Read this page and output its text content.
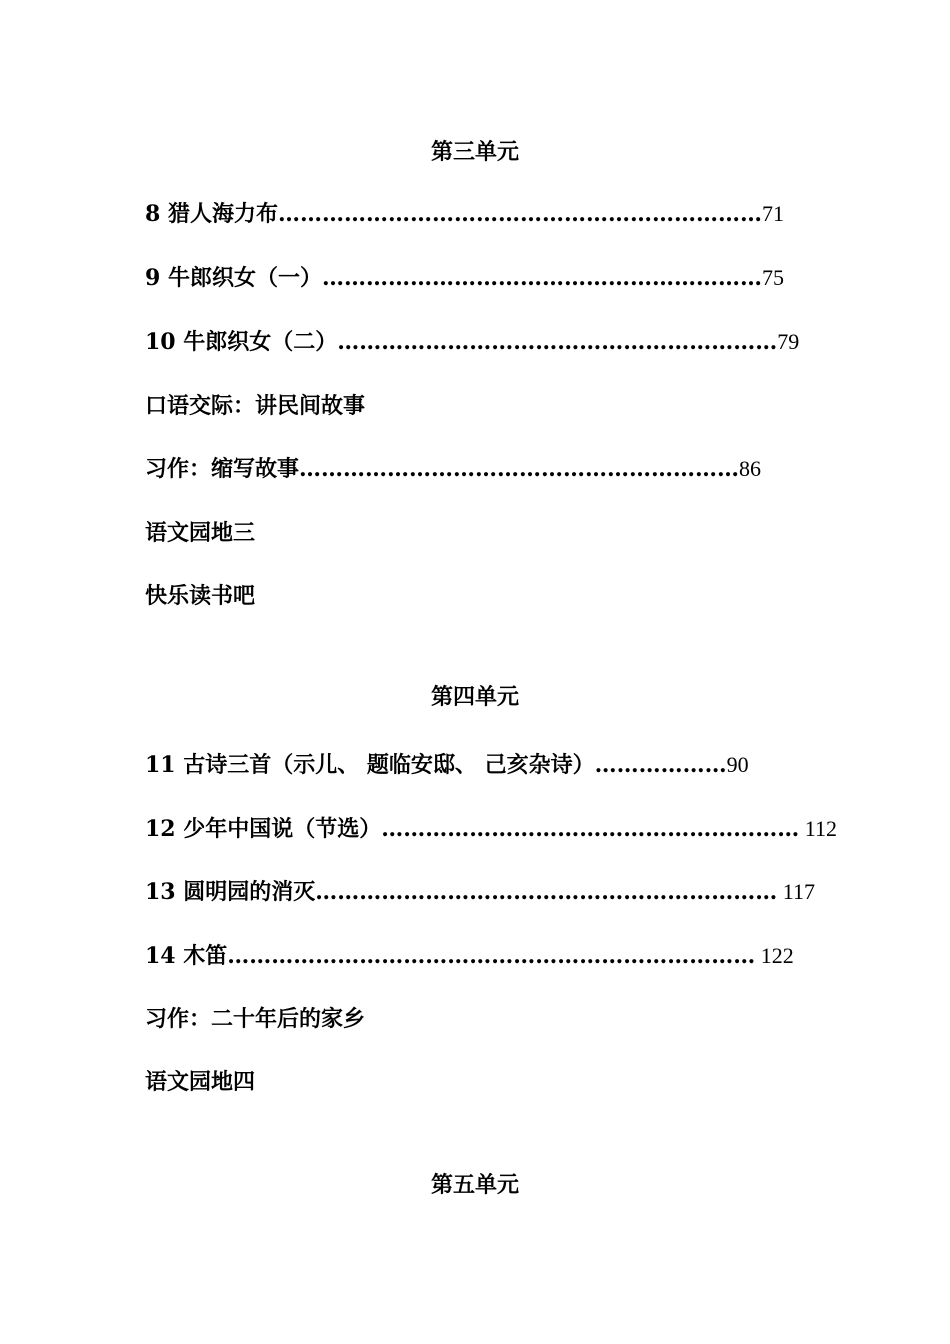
第三单元
8 猎人海力布…………………………………………………………71
9 牛郎织女（一）……………………………………………………75
10 牛郎织女（二）……………………………………………………79
口语交际：讲民间故事
习作：缩写故事……………………………………………………86
语文园地三
快乐读书吧
第四单元
11 古诗三首（示儿、 题临安邸、 己亥杂诗）………………90
12 少年中国说（节选）………………………………………………… 112
13 圆明园的消灭……………………………………………………… 117
14 木笛……………………………………………………………… 122
习作：二十年后的家乡
语文园地四
第五单元
